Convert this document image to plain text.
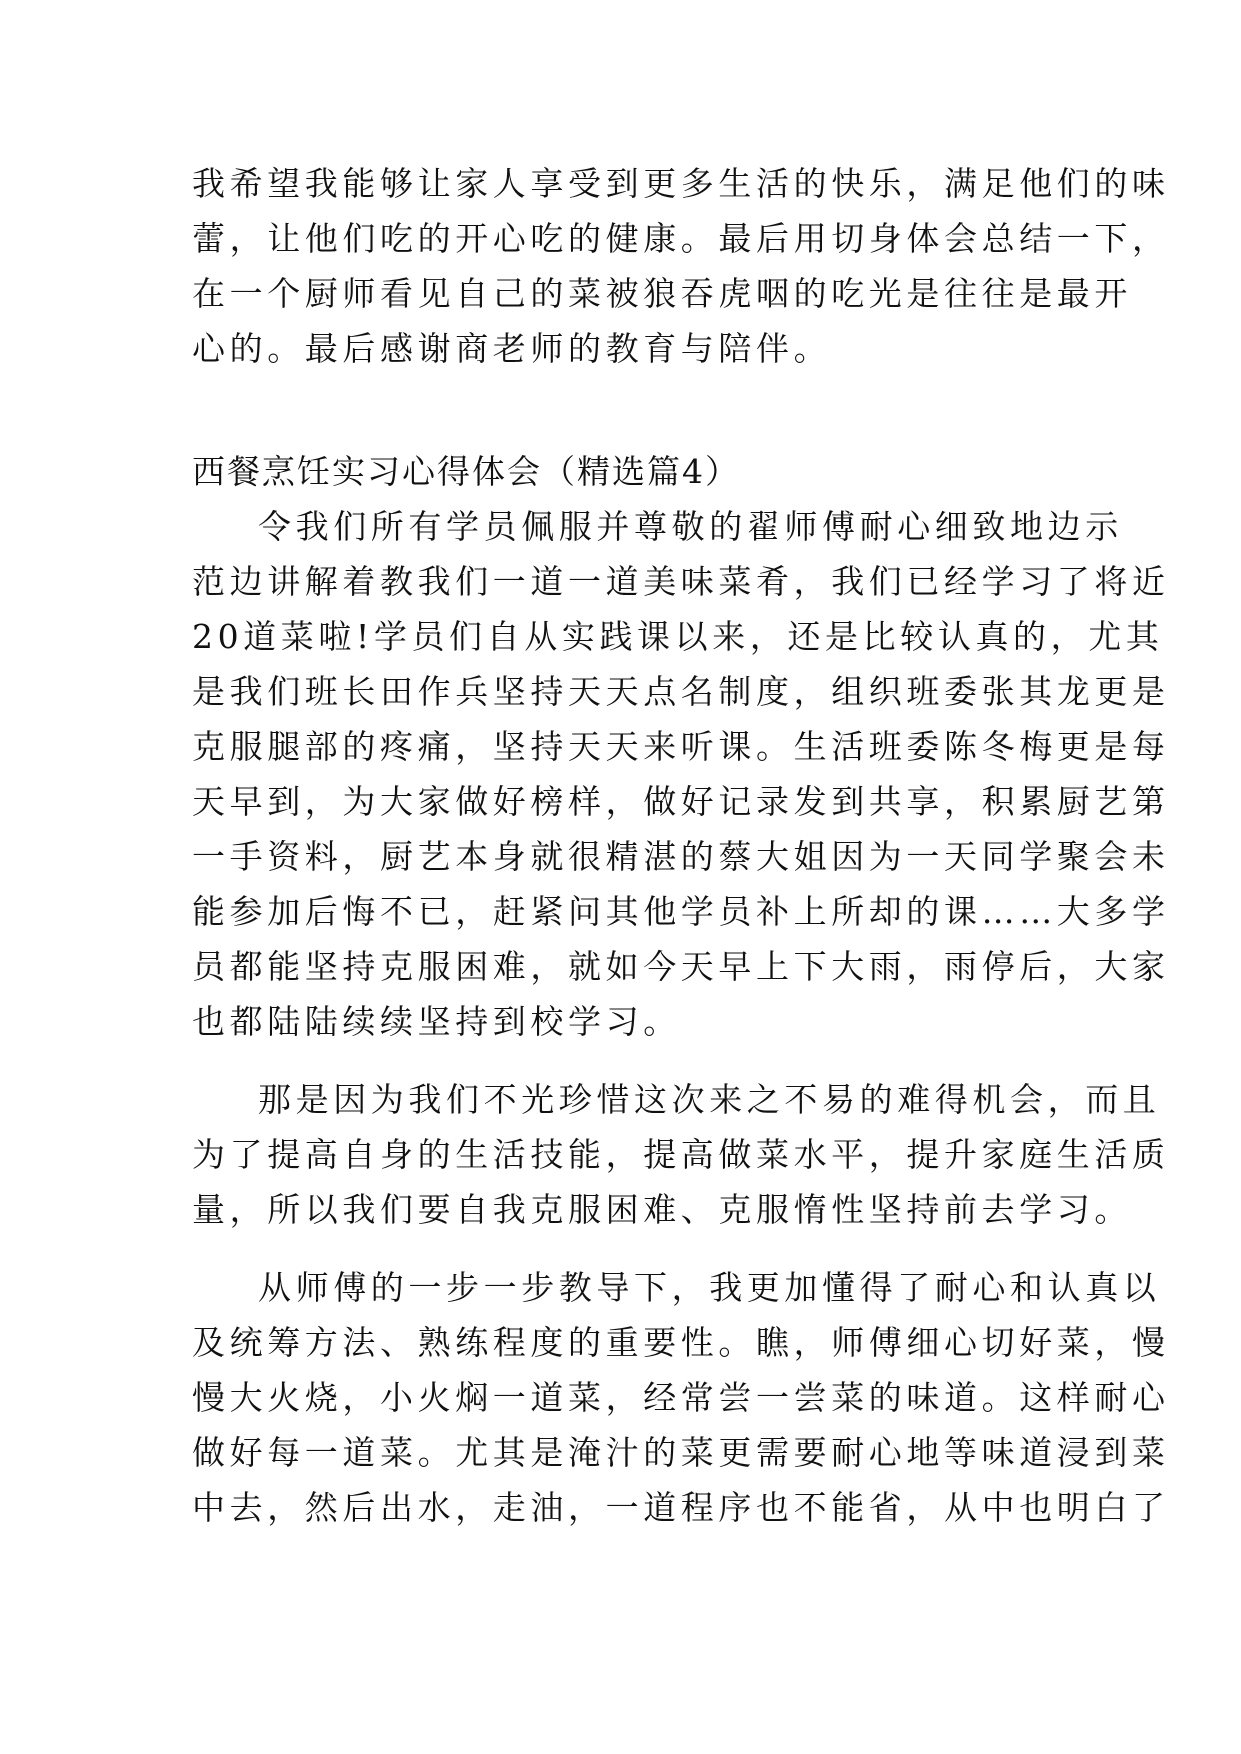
我希望我能够让家人享受到更多生活的快乐，满足他们的味
蕾，让他们吃的开心吃的健康。最后用切身体会总结一下，
在一个厨师看见自己的菜被狼吞虎咽的吃光是往往是最开
心的。最后感谢商老师的教育与陪伴。
西餐烹饪实习心得体会（精选篇4）
令我们所有学员佩服并尊敬的翟师傅耐心细致地边示
范边讲解着教我们一道一道美味菜肴，我们已经学习了将近
20道菜啦!学员们自从实践课以来，还是比较认真的，尤其
是我们班长田作兵坚持天天点名制度，组织班委张其龙更是
克服腿部的疼痛，坚持天天来听课。生活班委陈冬梅更是每
天早到，为大家做好榜样，做好记录发到共享，积累厨艺第
一手资料，厨艺本身就很精湛的蔡大姐因为一天同学聚会未
能参加后悔不已，赶紧问其他学员补上所却的课……大多学
员都能坚持克服困难，就如今天早上下大雨，雨停后，大家
也都陆陆续续坚持到校学习。
那是因为我们不光珍惜这次来之不易的难得机会，而且
为了提高自身的生活技能，提高做菜水平，提升家庭生活质
量，所以我们要自我克服困难、克服惰性坚持前去学习。
从师傅的一步一步教导下，我更加懂得了耐心和认真以
及统筹方法、熟练程度的重要性。瞧，师傅细心切好菜，慢
慢大火烧，小火焖一道菜，经常尝一尝菜的味道。这样耐心
做好每一道菜。尤其是淹汁的菜更需要耐心地等味道浸到菜
中去，然后出水，走油，一道程序也不能省，从中也明白了
